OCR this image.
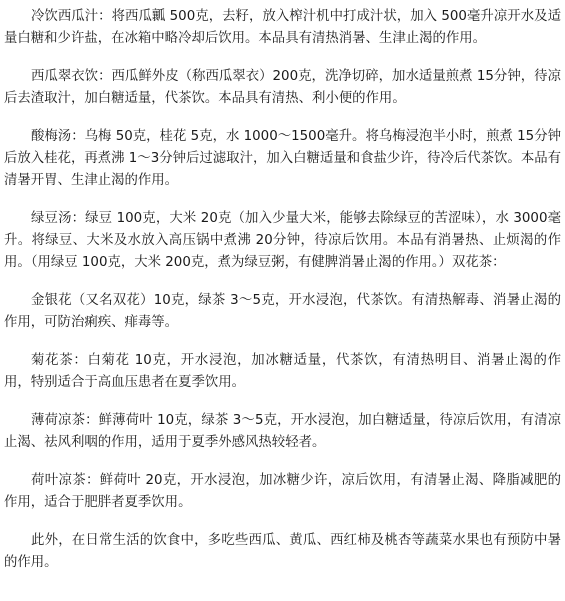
冷饮西瓜汁：将西瓜瓤 500克，去籽，放入榨汁机中打成汁状，加入 500毫升凉开水及适量白糖和少许盐，在冰箱中略冷却后饮用。本品具有清热消暑、生津止渴的作用。

西瓜翠衣饮：西瓜鲜外皮（称西瓜翠衣）200克，洗净切碎，加水适量煎煮 15分钟，待凉后去渣取汁，加白糖适量，代茶饮。本品具有清热、利小便的作用。

酸梅汤：乌梅 50克，桂花 5克，水 1000～1500毫升。将乌梅浸泡半小时，煎煮 15分钟后放入桂花，再煮沸 1～3分钟后过滤取汁，加入白糖适量和食盐少许，待冷后代茶饮。本品有清暑开胃、生津止渴的作用。

绿豆汤：绿豆 100克，大米 20克（加入少量大米，能够去除绿豆的苦涩味），水 3000毫升。将绿豆、大米及水放入高压锅中煮沸 20分钟，待凉后饮用。本品有消暑热、止烦渴的作用。（用绿豆 100克，大米 200克，煮为绿豆粥，有健脾消暑止渴的作用。）双花茶：

金银花（又名双花）10克，绿茶 3～5克，开水浸泡，代茶饮。有清热解毒、消暑止渴的作用，可防治痢疾、痱毒等。

菊花茶：白菊花 10克，开水浸泡，加冰糖适量，代茶饮，有清热明目、消暑止渴的作用，特别适合于高血压患者在夏季饮用。

薄荷凉茶：鲜薄荷叶 10克，绿茶 3～5克，开水浸泡，加白糖适量，待凉后饮用，有清凉止渴、祛风利咽的作用，适用于夏季外感风热较轻者。

荷叶凉茶：鲜荷叶 20克，开水浸泡，加冰糖少许，凉后饮用，有清暑止渴、降脂减肥的作用，适合于肥胖者夏季饮用。

此外，在日常生活的饮食中，多吃些西瓜、黄瓜、西红柿及桃杏等蔬菜水果也有预防中暑的作用。
